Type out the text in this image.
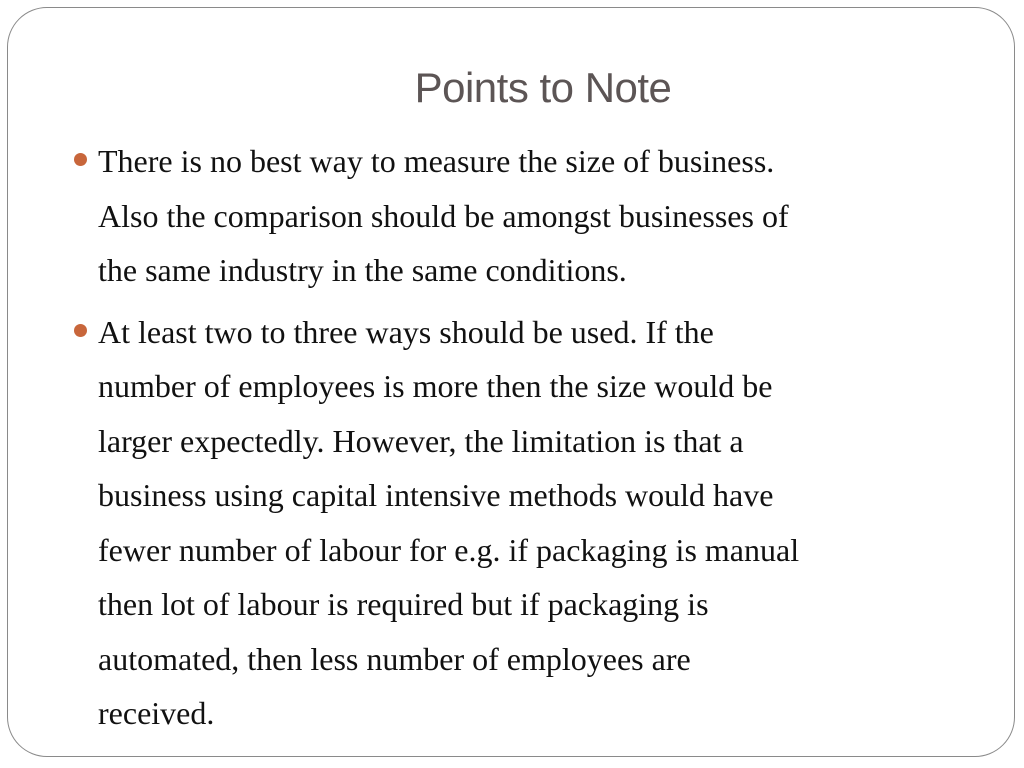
Points to Note
There is no best way to measure the size of business.
Also the comparison should be amongst businesses of
the same industry in the same conditions.
At least two to three ways should be used. If the
number of employees is more then the size would be
larger expectedly. However, the limitation is that a
business using capital intensive methods would have
fewer number of labour for e.g. if packaging is manual
then lot of labour is required but if packaging is
automated, then less number of employees are
received.
